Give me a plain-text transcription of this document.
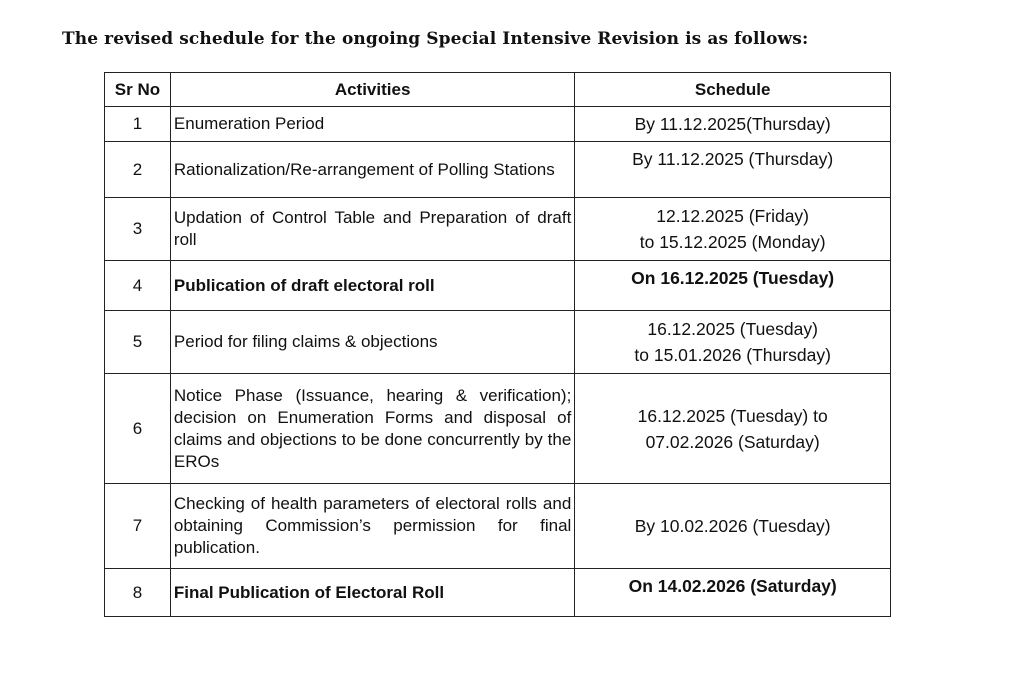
The revised schedule for the ongoing Special Intensive Revision is as follows:
Sr No	Activities	Schedule
1	Enumeration Period	By 11.12.2025(Thursday)

2	Rationalization/Re-arrangement of Polling Stations	By 11.12.2025 (Thursday)

3	Updation of Control Table and Preparation of draft roll	12.12.2025 (Friday)
to 15.12.2025 (Monday)

4	Publication of draft electoral roll	On 16.12.2025 (Tuesday)

5	Period for filing claims & objections	16.12.2025 (Tuesday)
to 15.01.2026 (Thursday)

6	Notice Phase (Issuance, hearing & verification); decision on Enumeration Forms and disposal of claims and objections to be done concurrently by the EROs	16.12.2025 (Tuesday) to
07.02.2026 (Saturday)

7	Checking of health parameters of electoral rolls and obtaining Commission’s permission for final publication.	By 10.02.2026 (Tuesday)

8	Final Publication of Electoral Roll	On 14.02.2026 (Saturday)
